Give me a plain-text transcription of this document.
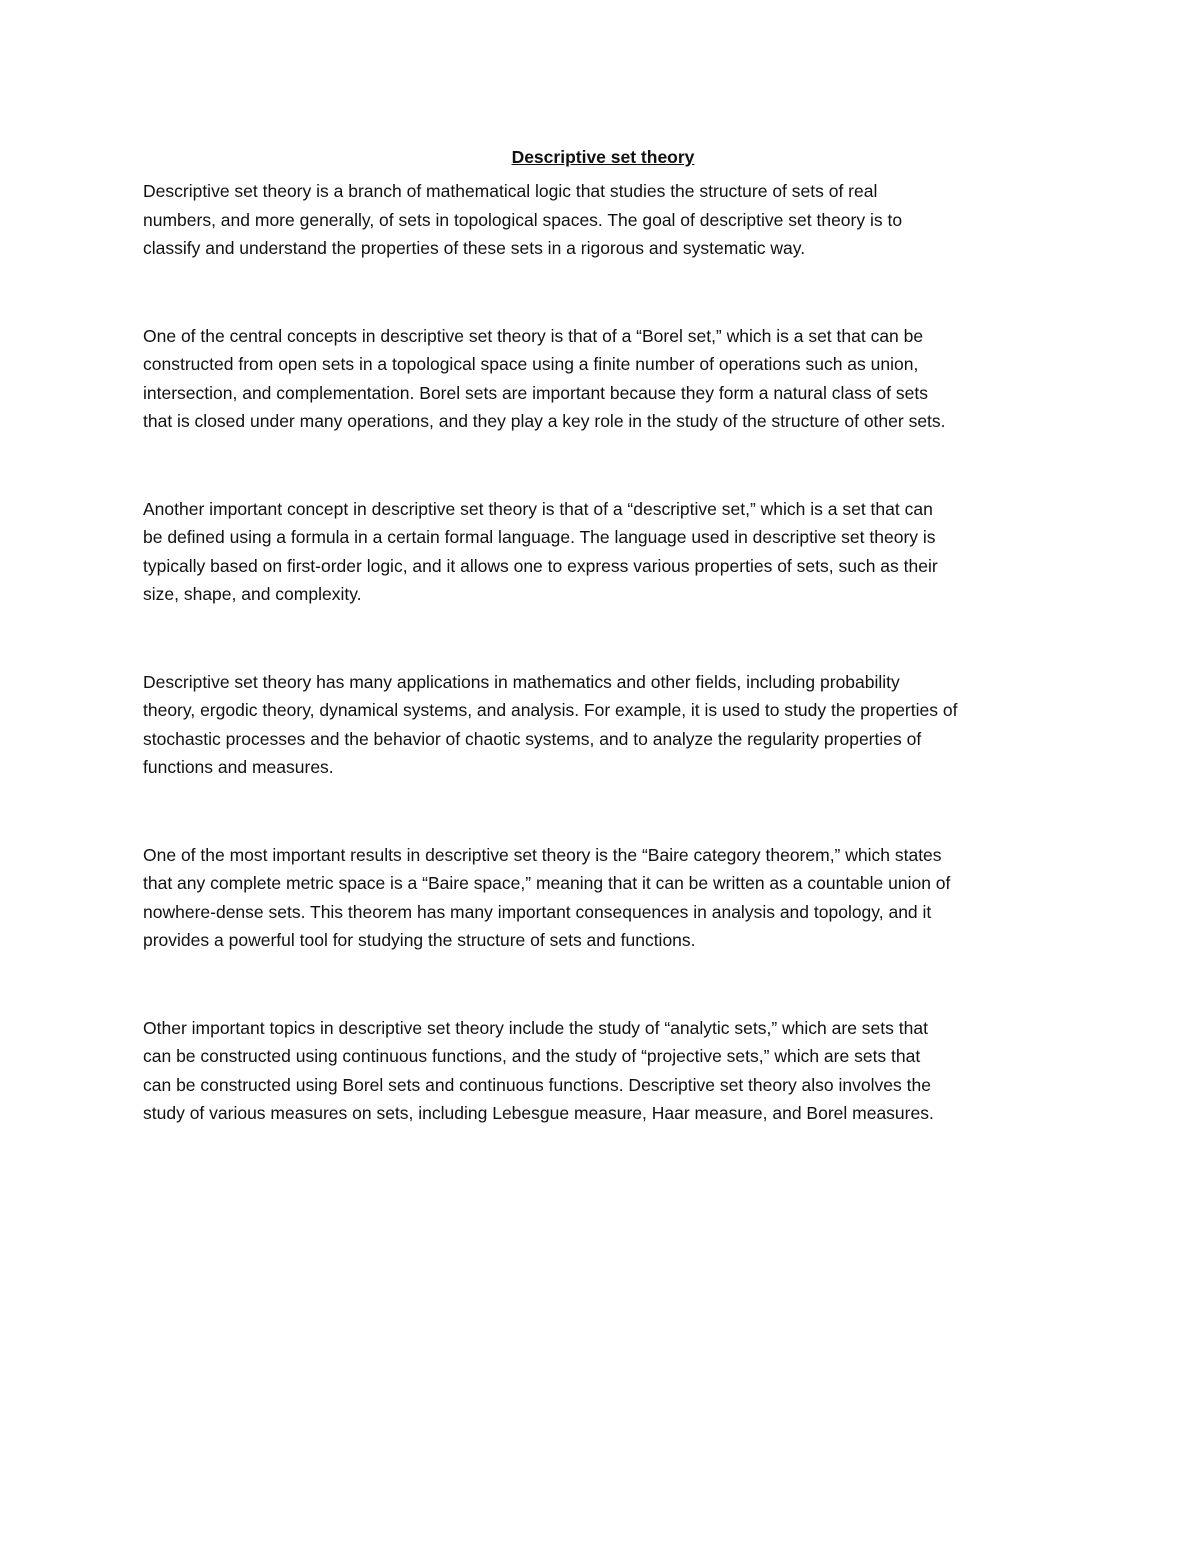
Descriptive set theory
Descriptive set theory is a branch of mathematical logic that studies the structure of sets of real
numbers, and more generally, of sets in topological spaces. The goal of descriptive set theory is to
classify and understand the properties of these sets in a rigorous and systematic way.
One of the central concepts in descriptive set theory is that of a “Borel set,” which is a set that can be
constructed from open sets in a topological space using a finite number of operations such as union,
intersection, and complementation. Borel sets are important because they form a natural class of sets
that is closed under many operations, and they play a key role in the study of the structure of other sets.
Another important concept in descriptive set theory is that of a “descriptive set,” which is a set that can
be defined using a formula in a certain formal language. The language used in descriptive set theory is
typically based on first-order logic, and it allows one to express various properties of sets, such as their
size, shape, and complexity.
Descriptive set theory has many applications in mathematics and other fields, including probability
theory, ergodic theory, dynamical systems, and analysis. For example, it is used to study the properties of
stochastic processes and the behavior of chaotic systems, and to analyze the regularity properties of
functions and measures.
One of the most important results in descriptive set theory is the “Baire category theorem,” which states
that any complete metric space is a “Baire space,” meaning that it can be written as a countable union of
nowhere-dense sets. This theorem has many important consequences in analysis and topology, and it
provides a powerful tool for studying the structure of sets and functions.
Other important topics in descriptive set theory include the study of “analytic sets,” which are sets that
can be constructed using continuous functions, and the study of “projective sets,” which are sets that
can be constructed using Borel sets and continuous functions. Descriptive set theory also involves the
study of various measures on sets, including Lebesgue measure, Haar measure, and Borel measures.
